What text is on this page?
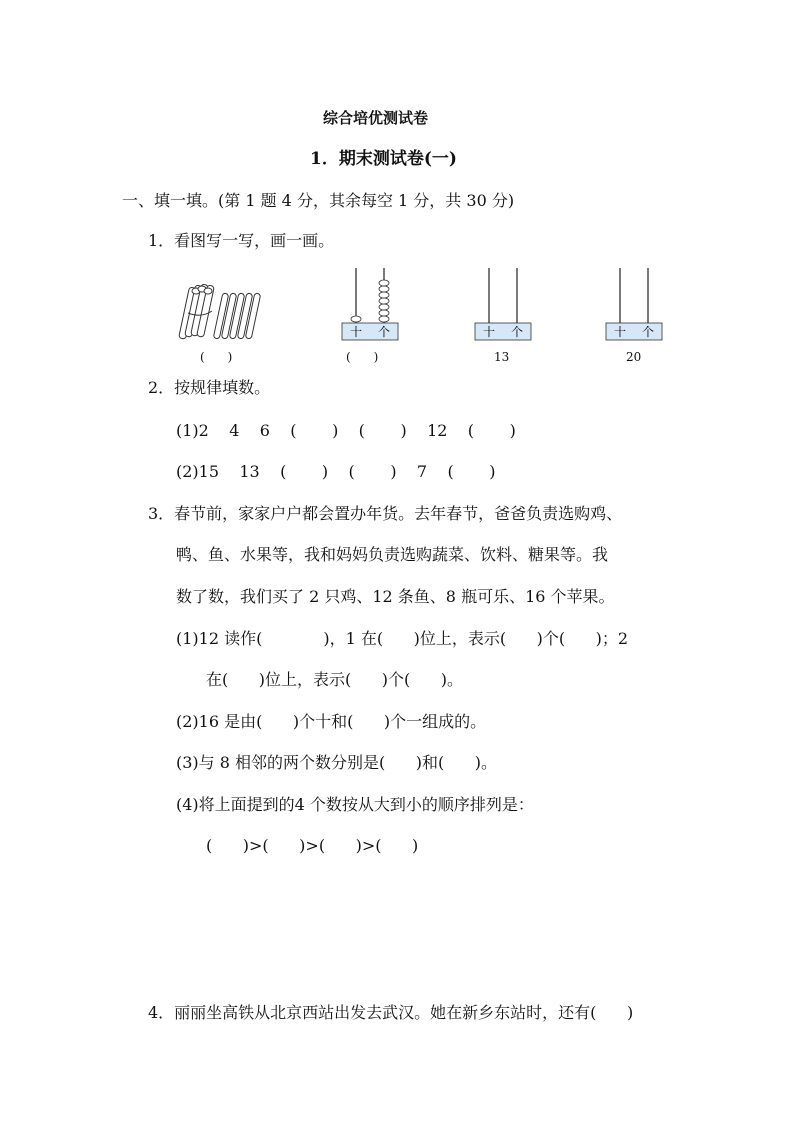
综合培优测试卷
1．期末测试卷(一)
一、填一填。(第 1 题 4 分，其余每空 1 分，共 30 分)
1．看图写一写，画一画。
(      )
十 个
(      )
十 个
13
十 个
20
2．按规律填数。
(1)2    4    6    (       )    (       )    12    (       )
(2)15    13    (       )    (       )    7    (       )
3．春节前，家家户户都会置办年货。去年春节，爸爸负责选购鸡、
鸭、鱼、水果等，我和妈妈负责选购蔬菜、饮料、糖果等。我
数了数，我们买了 2 只鸡、12 条鱼、8 瓶可乐、16 个苹果。
(1)12 读作(            )，1 在(      )位上，表示(      )个(      )；2
在(      )位上，表示(      )个(      )。
(2)16 是由(      )个十和(      )个一组成的。
(3)与 8 相邻的两个数分别是(      )和(      )。
(4)将上面提到的4 个数按从大到小的顺序排列是：
(      )>(      )>(      )>(      )
4．丽丽坐高铁从北京西站出发去武汉。她在新乡东站时，还有(      )
